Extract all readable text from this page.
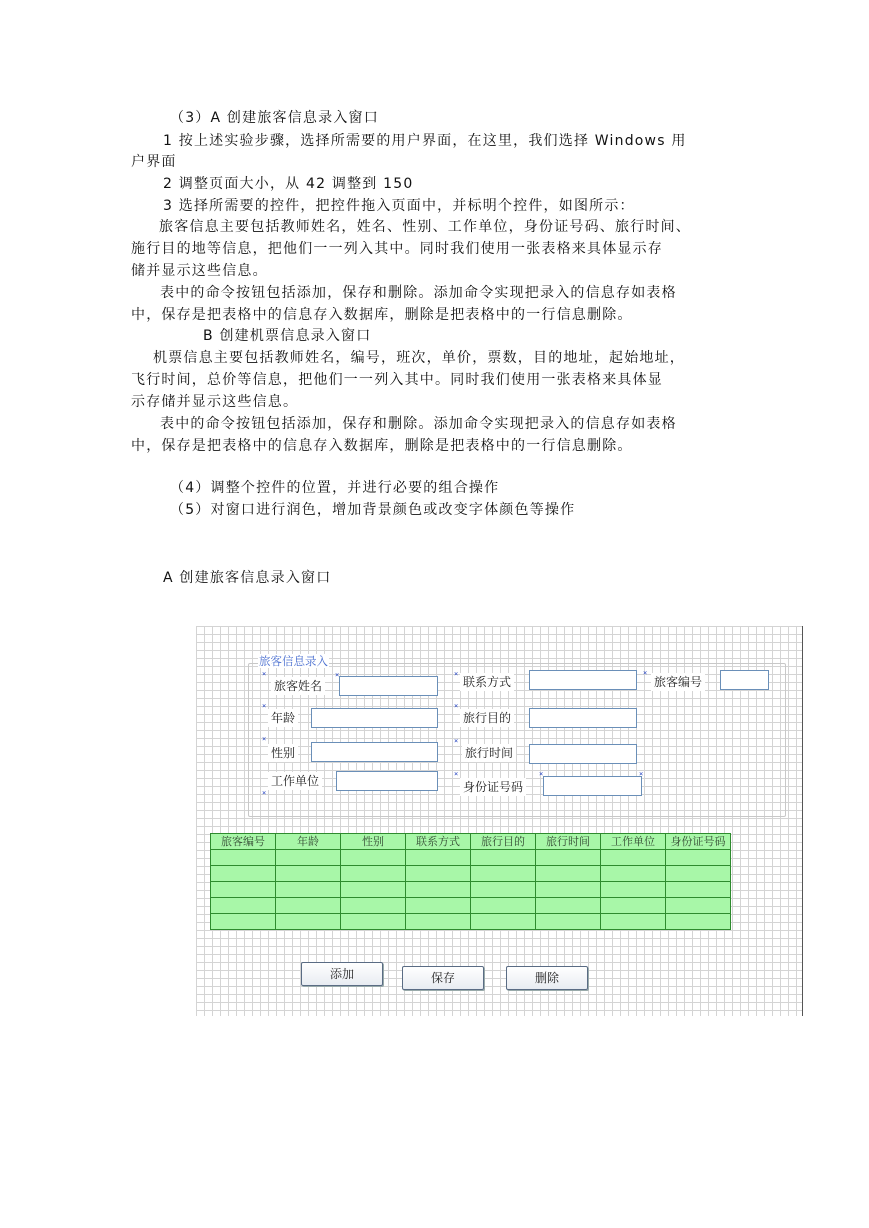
（3）A 创建旅客信息录入窗口
1 按上述实验步骤，选择所需要的用户界面，在这里，我们选择 Windows 用
户界面
2 调整页面大小，从 42 调整到 150
3 选择所需要的控件，把控件拖入页面中，并标明个控件，如图所示：
旅客信息主要包括教师姓名，姓名、性别、工作单位，身份证号码、旅行时间、
施行目的地等信息，把他们一一列入其中。同时我们使用一张表格来具体显示存
储并显示这些信息。
表中的命令按钮包括添加，保存和删除。添加命令实现把录入的信息存如表格
中，保存是把表格中的信息存入数据库，删除是把表格中的一行信息删除。
B 创建机票信息录入窗口
机票信息主要包括教师姓名，编号，班次，单价，票数，目的地址，起始地址，
飞行时间，总价等信息，把他们一一列入其中。同时我们使用一张表格来具体显
示存储并显示这些信息。
表中的命令按钮包括添加，保存和删除。添加命令实现把录入的信息存如表格
中，保存是把表格中的信息存入数据库，删除是把表格中的一行信息删除。
（4）调整个控件的位置，并进行必要的组合操作
（5）对窗口进行润色，增加背景颜色或改变字体颜色等操作
A 创建旅客信息录入窗口
旅客信息录入
×
旅客姓名
×	×
联系方式
×
旅客编号
×
年龄
×
旅行目的
×
性别
×
旅行时间
工作单位
×
×
身份证号码
×	×
旅客编号	年龄	性别	联系方式	旅行目的	旅行时间	工作单位	身份证号码

添加	保存	删除
